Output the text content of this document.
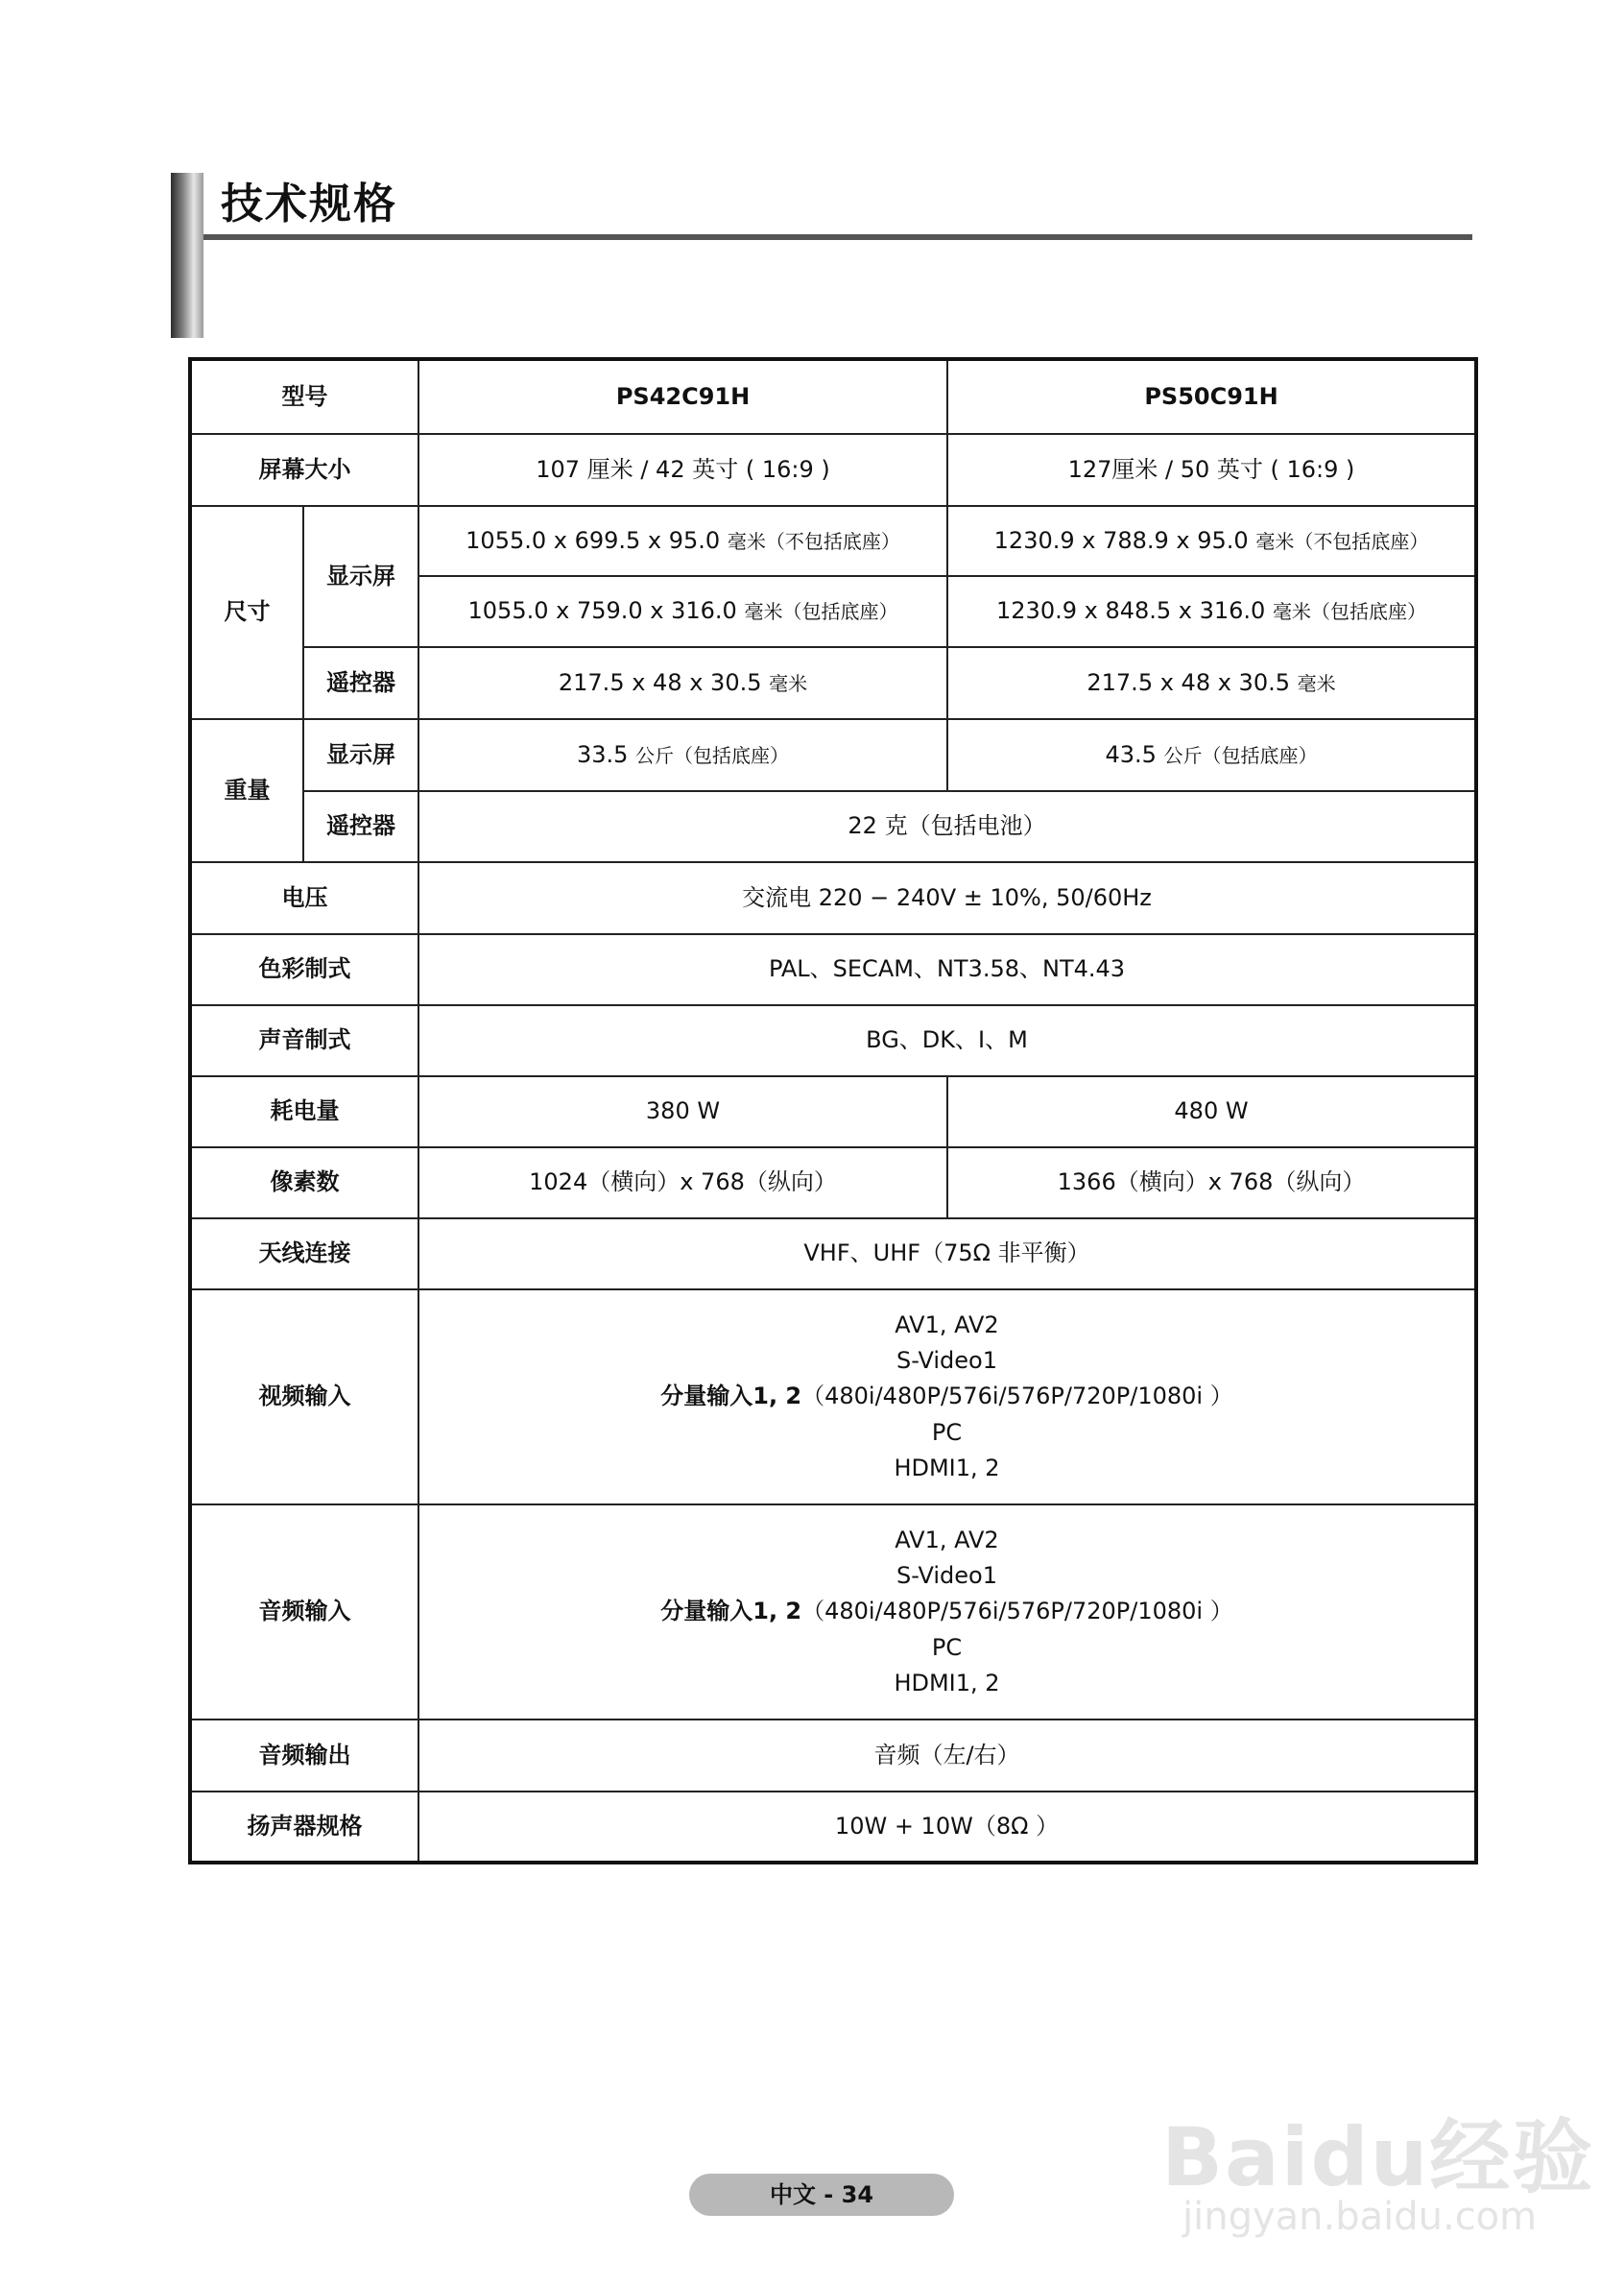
技术规格
型号		PS42C91H	PS50C91H
屏幕大小		107 厘米 / 42 英寸 ( 16:9 )	127厘米 / 50 英寸 ( 16:9 )
尺寸	显示屏	1055.0 x 699.5 x 95.0 毫米（不包括底座）	1230.9 x 788.9 x 95.0 毫米（不包括底座）
		1055.0 x 759.0 x 316.0 毫米（包括底座）	1230.9 x 848.5 x 316.0 毫米（包括底座）
	遥控器	217.5 x 48 x 30.5 毫米	217.5 x 48 x 30.5 毫米
重量	显示屏	33.5 公斤（包括底座）	43.5 公斤（包括底座）
	遥控器	22 克（包括电池）	
电压		交流电 220 − 240V ± 10%, 50/60Hz	
色彩制式		PAL、SECAM、NT3.58、NT4.43	
声音制式		BG、DK、I、M	
耗电量		380 W	480 W
像素数		1024（横向）x 768（纵向）	1366（横向）x 768（纵向）
天线连接		VHF、UHF（75Ω 非平衡）	
视频输入		AV1, AV2
S-Video1
分量输入1, 2（480i/480P/576i/576P/720P/1080i ）
PC
HDMI1, 2	

音频输入		AV1, AV2
S-Video1
分量输入1, 2（480i/480P/576i/576P/720P/1080i ）
PC
HDMI1, 2	

音频输出		音频（左/右）	
扬声器规格		10W + 10W（8Ω ）	
中文 - 34	Baidu经验
jingyan.baidu.com
